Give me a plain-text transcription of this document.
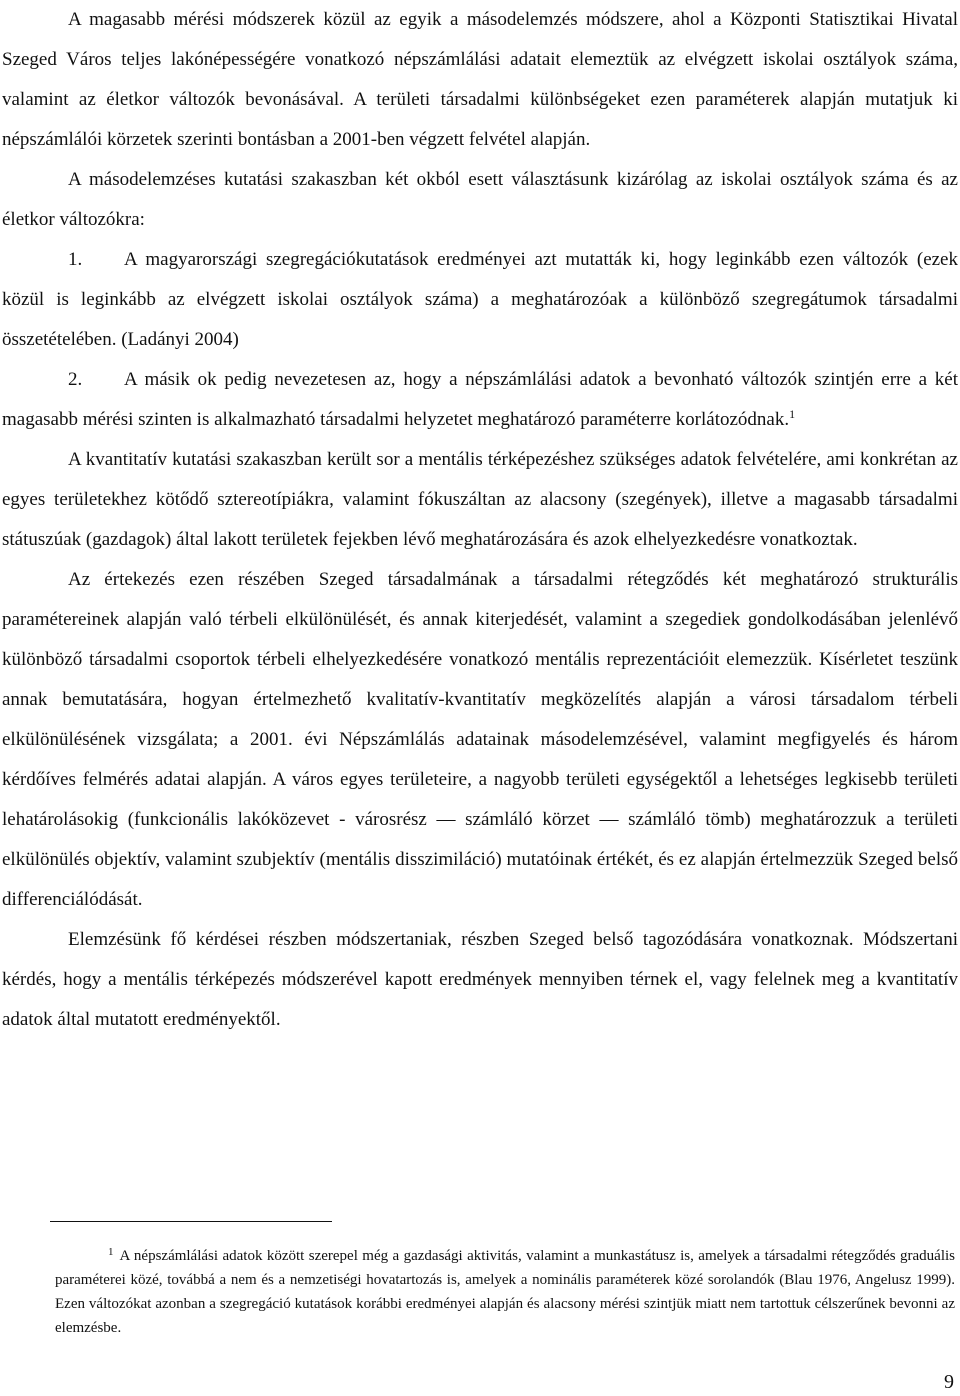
A magasabb mérési módszerek közül az egyik a másodelemzés módszere, ahol a Központi Statisztikai Hivatal Szeged Város teljes lakónépességére vonatkozó népszámlálási adatait elemeztük az elvégzett iskolai osztályok száma, valamint az életkor változók bevonásával. A területi társadalmi különbségeket ezen paraméterek alapján mutatjuk ki népszámlálói körzetek szerinti bontásban a 2001-ben végzett felvétel alapján.

A másodelemzéses kutatási szakaszban két okból esett választásunk kizárólag az iskolai osztályok száma és az életkor változókra:

1. A magyarországi szegregációkutatások eredményei azt mutatták ki, hogy leginkább ezen változók (ezek közül is leginkább az elvégzett iskolai osztályok száma) a meghatározóak a különböző szegregátumok társadalmi összetételében. (Ladányi 2004)

2. A másik ok pedig nevezetesen az, hogy a népszámlálási adatok a bevonható változók szintjén erre a két magasabb mérési szinten is alkalmazható társadalmi helyzetet meghatározó paraméterre korlátozódnak.$^1$

A kvantitatív kutatási szakaszban került sor a mentális térképezéshez szükséges adatok felvételére, ami konkrétan az egyes területekhez kötődő sztereotípiákra, valamint fókuszáltan az alacsony (szegények), illetve a magasabb társadalmi státuszúak (gazdagok) által lakott területek fejekben lévő meghatározására és azok elhelyezkedésre vonatkoztak.

Az értekezés ezen részében Szeged társadalmának a társadalmi rétegződés két meghatározó strukturális paramétereinek alapján való térbeli elkülönülését, és annak kiterjedését, valamint a szegediek gondolkodásában jelenlévő különböző társadalmi csoportok térbeli elhelyezkedésére vonatkozó mentális reprezentációit elemezzük. Kísérletet teszünk annak bemutatására, hogyan értelmezhető kvalitatív-kvantitatív megközelítés alapján a városi társadalom térbeli elkülönülésének vizsgálata; a 2001. évi Népszámlálás adatainak másodelemzésével, valamint megfigyelés és három kérdőíves felmérés adatai alapján. A város egyes területeire, a nagyobb területi egységektől a lehetséges legkisebb területi lehatárolásokig (funkcionális lakóközevet - városrész ― számláló körzet ― számláló tömb) meghatározzuk a területi elkülönülés objektív, valamint szubjektív (mentális disszimiláció) mutatóinak értékét, és ez alapján értelmezzük Szeged belső differenciálódását.

Elemzésünk fő kérdései részben módszertaniak, részben Szeged belső tagozódására vonatkoznak. Módszertani kérdés, hogy a mentális térképezés módszerével kapott eredmények mennyiben térnek el, vagy felelnek meg a kvantitatív adatok által mutatott eredményektől.

$^1$ A népszámlálási adatok között szerepel még a gazdasági aktivitás, valamint a munkastátusz is, amelyek a társadalmi rétegződés graduális paraméterei közé, továbbá a nem és a nemzetiségi hovatartozás is, amelyek a nominális paraméterek közé sorolandók (Blau 1976, Angelusz 1999). Ezen változókat azonban a szegregáció kutatások korábbi eredményei alapján és alacsony mérési szintjük miatt nem tartottuk célszerűnek bevonni az elemzésbe.

9
